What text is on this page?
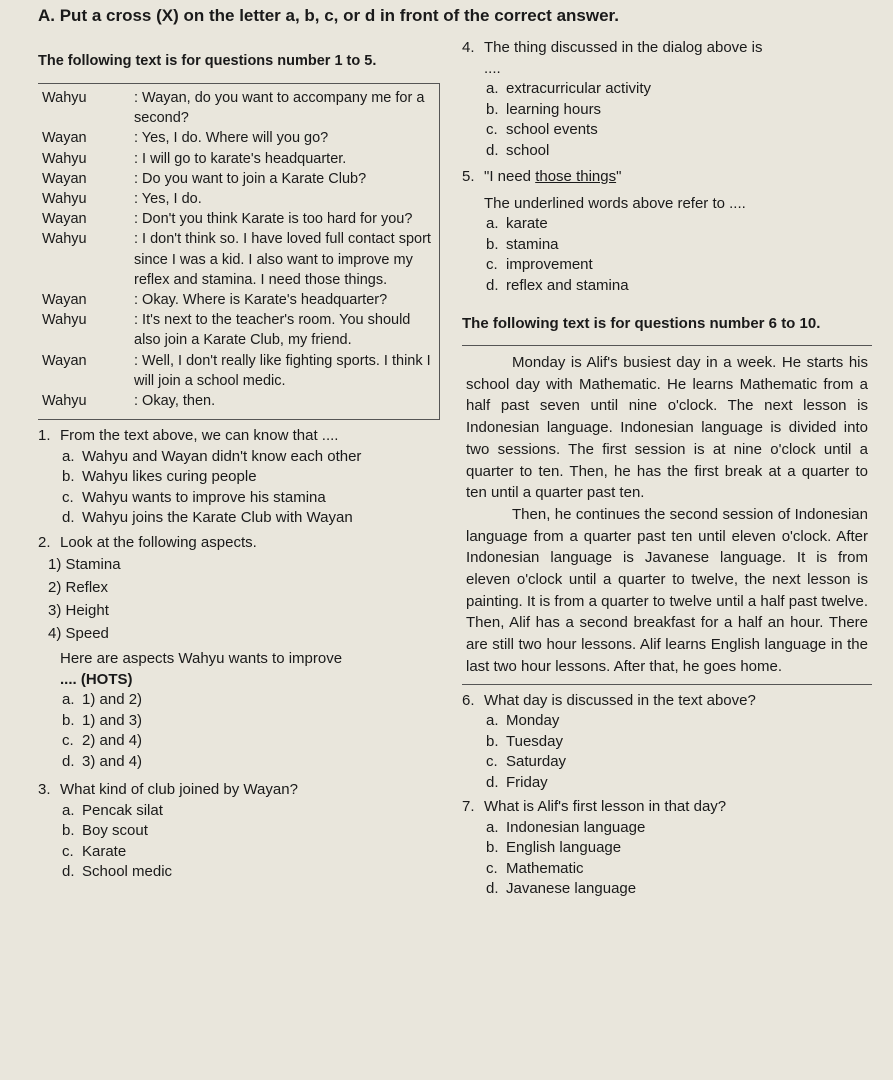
A. Put a cross (X) on the letter a, b, c, or d in front of the correct answer.
The following text is for questions number 1 to 5.
Wahyu	: Wayan, do you want to accompany me for a second?
Wayan	: Yes, I do. Where will you go?
Wahyu	: I will go to karate's headquarter.
Wayan	: Do you want to join a Karate Club?
Wahyu	: Yes, I do.
Wayan	: Don't you think Karate is too hard for you?
Wahyu	: I don't think so. I have loved full contact sport since I was a kid. I also want to improve my reflex and stamina. I need those things.
Wayan	: Okay. Where is Karate's headquarter?
Wahyu	: It's next to the teacher's room. You should also join a Karate Club, my friend.
Wayan	: Well, I don't really like fighting sports. I think I will join a school medic.
Wahyu	: Okay, then.
1. From the text above, we can know that ....
a. Wahyu and Wayan didn't know each other
b. Wahyu likes curing people
c. Wahyu wants to improve his stamina
d. Wahyu joins the Karate Club with Wayan
2. Look at the following aspects.
1) Stamina
2) Reflex
3) Height
4) Speed
Here are aspects Wahyu wants to improve
.... (HOTS)
a. 1) and 2)
b. 1) and 3)
c. 2) and 4)
d. 3) and 4)
3. What kind of club joined by Wayan?
a. Pencak silat
b. Boy scout
c. Karate
d. School medic
4. The thing discussed in the dialog above is
....
a. extracurricular activity
b. learning hours
c. school events
d. school
5. "I need those things"
The underlined words above refer to ....
a. karate
b. stamina
c. improvement
d. reflex and stamina
The following text is for questions number 6 to 10.

Monday is Alif's busiest day in a week. He starts his school day with Mathematic. He learns Mathematic from a half past seven until nine o'clock. The next lesson is Indonesian language. Indonesian language is divided into two sessions. The first session is at nine o'clock until a quarter to ten. Then, he has the first break at a quarter to ten until a quarter past ten.

Then, he continues the second session of Indonesian language from a quarter past ten until eleven o'clock. After Indonesian language is Javanese language. It is from eleven o'clock until a quarter to twelve, the next lesson is painting. It is from a quarter to twelve until a half past twelve. Then, Alif has a second breakfast for a half an hour. There are still two hour lessons. Alif learns English language in the last two hour lessons. After that, he goes home.

6. What day is discussed in the text above?
a. Monday
b. Tuesday
c. Saturday
d. Friday
7. What is Alif's first lesson in that day?
a. Indonesian language
b. English language
c. Mathematic
d. Javanese language
